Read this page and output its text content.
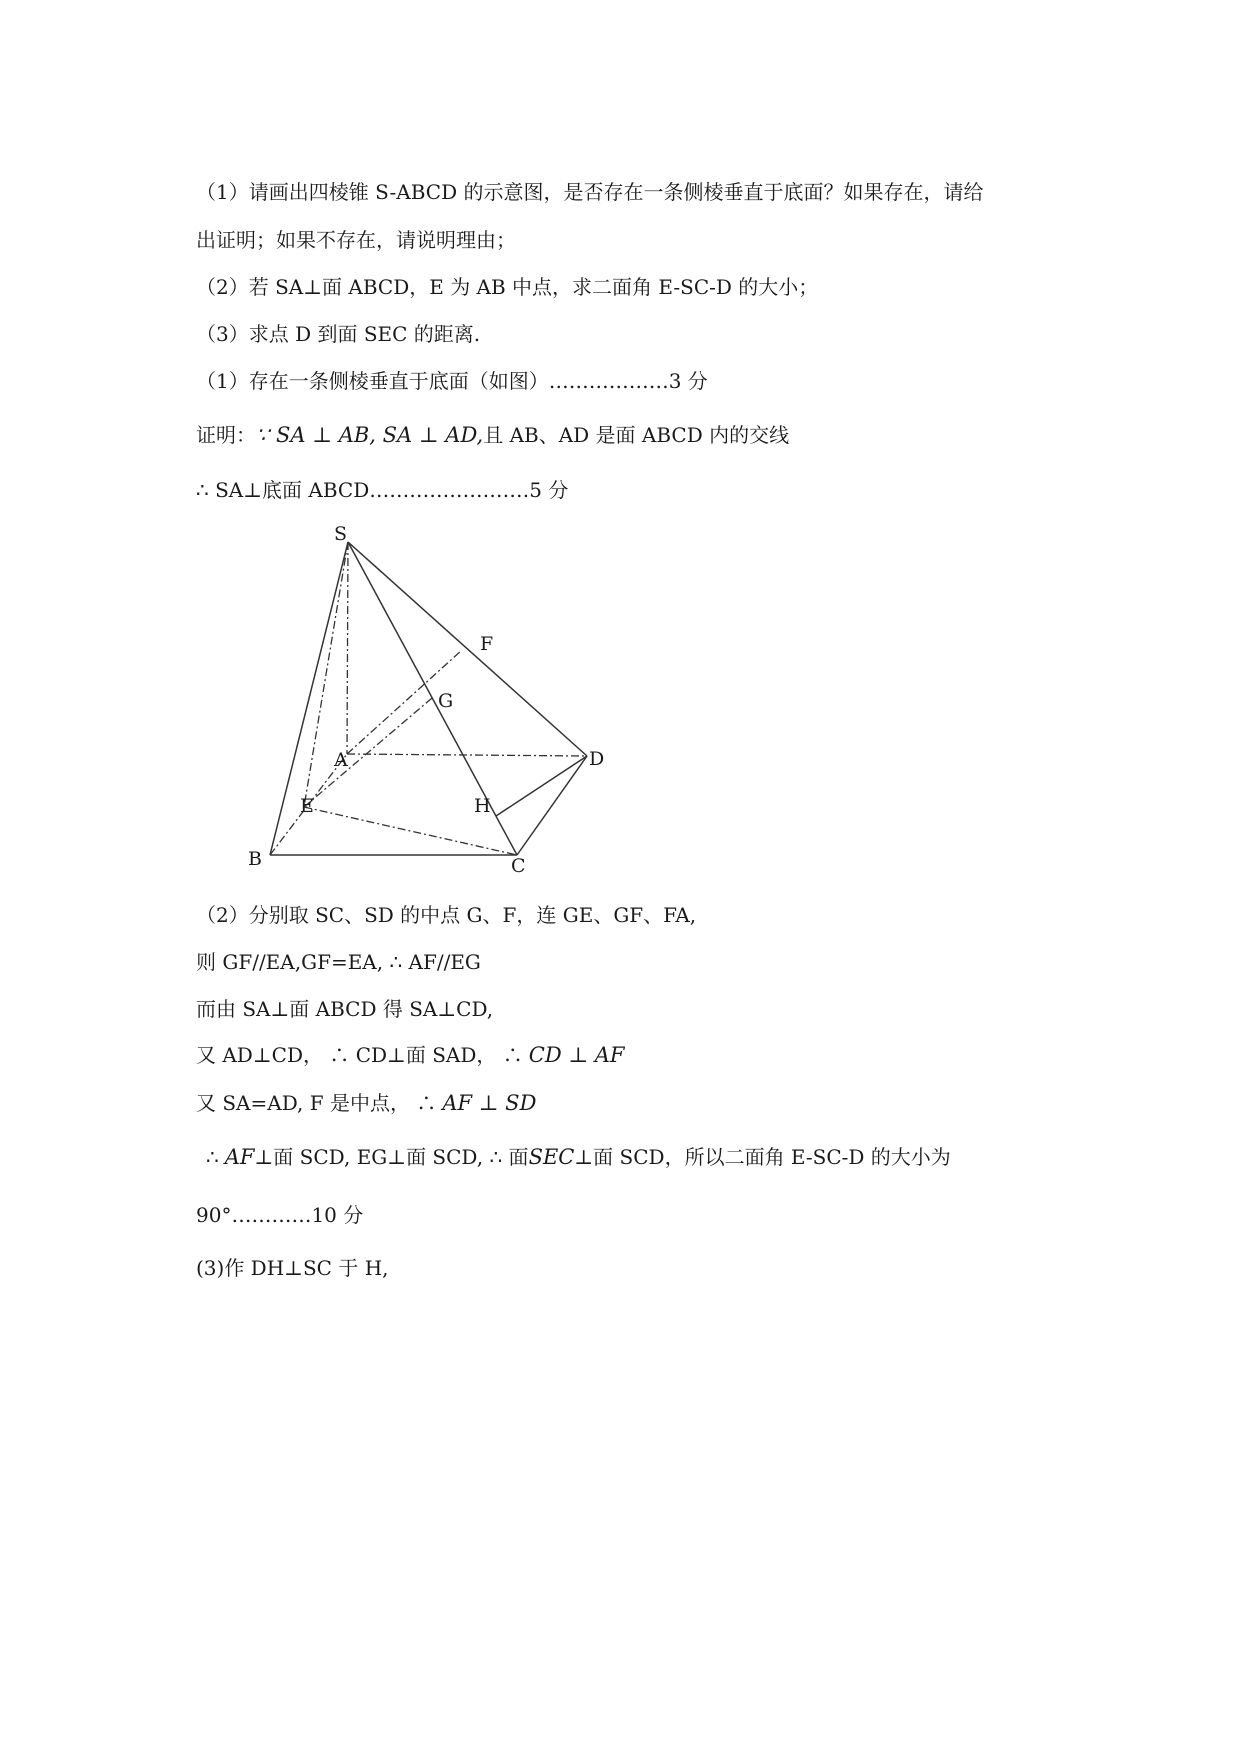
（1）请画出四棱锥 S-ABCD 的示意图，是否存在一条侧棱垂直于底面？如果存在，请给

出证明；如果不存在，请说明理由；

（2）若 SA⊥面 ABCD，E 为 AB 中点，求二面角 E-SC-D 的大小；

（3）求点 D 到面 SEC 的距离.

（1）存在一条侧棱垂直于底面（如图）………………3 分

证明：∵ SA ⊥ AB, SA ⊥ AD,且 AB、AD 是面 ABCD 内的交线

∴ SA⊥底面 ABCD……………………5 分

S
F
G
A	D
E	H
B	C

（2）分别取 SC、SD 的中点 G、F，连 GE、GF、FA,

则 GF//EA,GF=EA, ∴ AF//EG

而由 SA⊥面 ABCD 得 SA⊥CD,

又 AD⊥CD， ∴ CD⊥面 SAD， ∴ CD ⊥ AF

又 SA=AD, F 是中点， ∴ AF ⊥ SD

∴ AF⊥面 SCD, EG⊥面 SCD, ∴ 面SEC⊥面 SCD，所以二面角 E-SC-D 的大小为

90°…………10 分

(3)作 DH⊥SC 于 H,
